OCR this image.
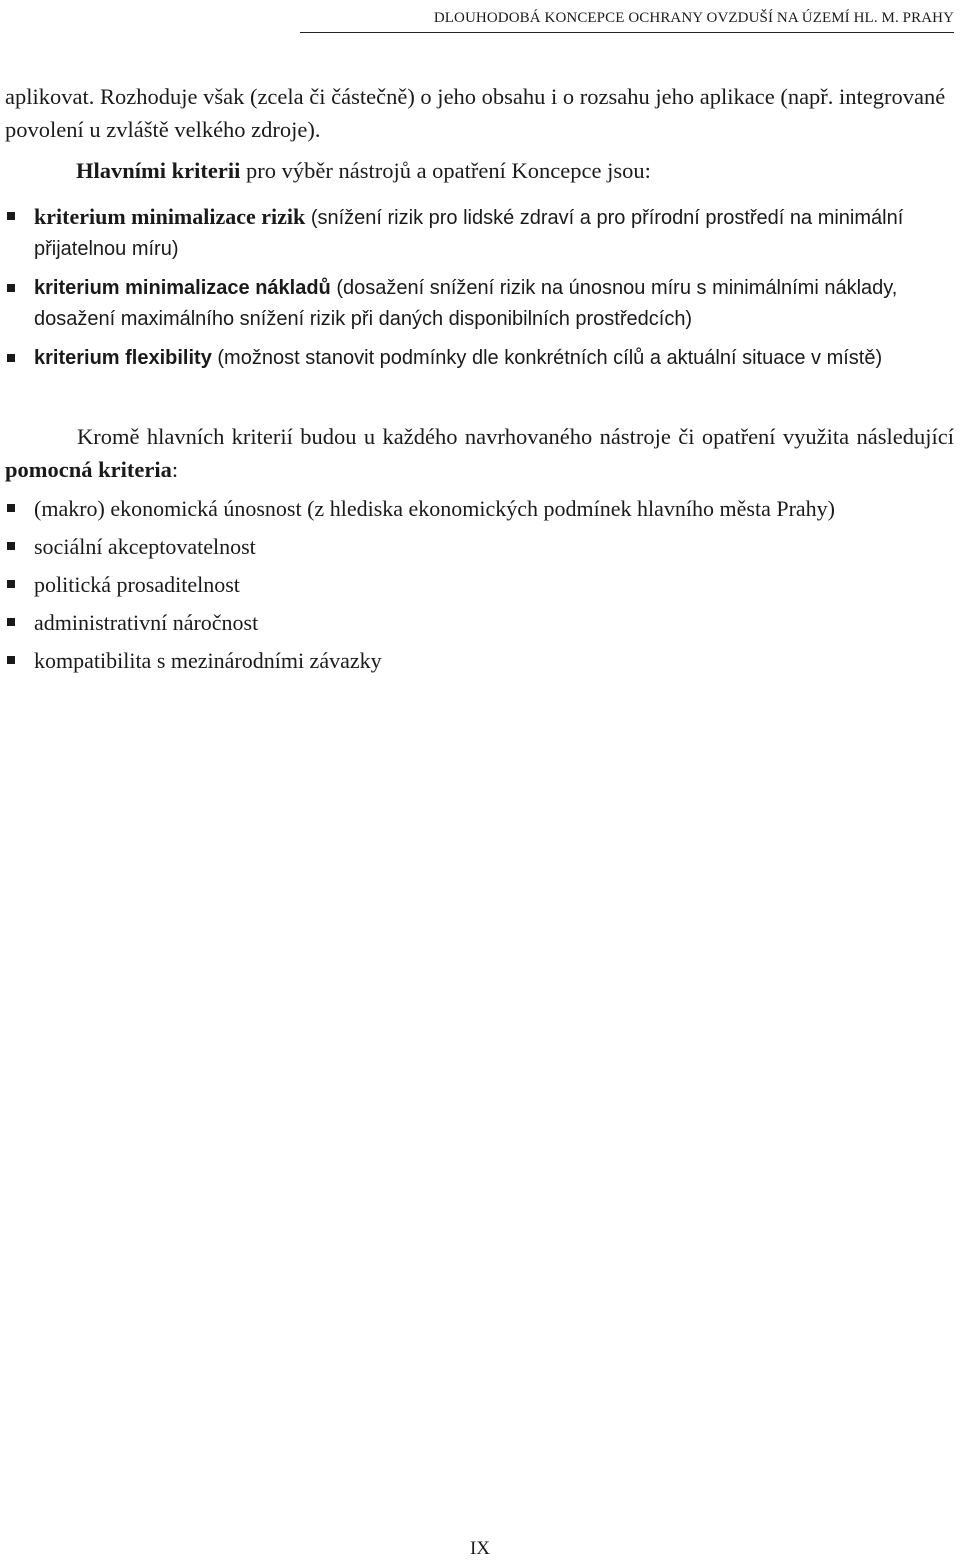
DLOUHODOBÁ KONCEPCE OCHRANY OVZDUŠÍ NA ÚZEMÍ HL. M. PRAHY
aplikovat. Rozhoduje však (zcela či částečně) o jeho obsahu i o rozsahu jeho aplikace (např. integrované povolení u zvláště velkého zdroje).
Hlavními kriterii pro výběr nástrojů a opatření Koncepce jsou:
kriterium minimalizace rizik (snížení rizik pro lidské zdraví a pro přírodní prostředí na minimální přijatelnou míru)
kriterium minimalizace nákladů (dosažení snížení rizik na únosnou míru s minimálními náklady, dosažení maximálního snížení rizik při daných disponibilních prostředcích)
kriterium flexibility (možnost stanovit podmínky dle konkrétních cílů a aktuální situace v místě)
Kromě hlavních kriterií budou u každého navrhovaného nástroje či opatření využita následující pomocná kriteria:
(makro) ekonomická únosnost (z hlediska ekonomických podmínek hlavního města Prahy)
sociální akceptovatelnost
politická prosaditelnost
administrativní náročnost
kompatibilita s mezinárodními závazky
IX
